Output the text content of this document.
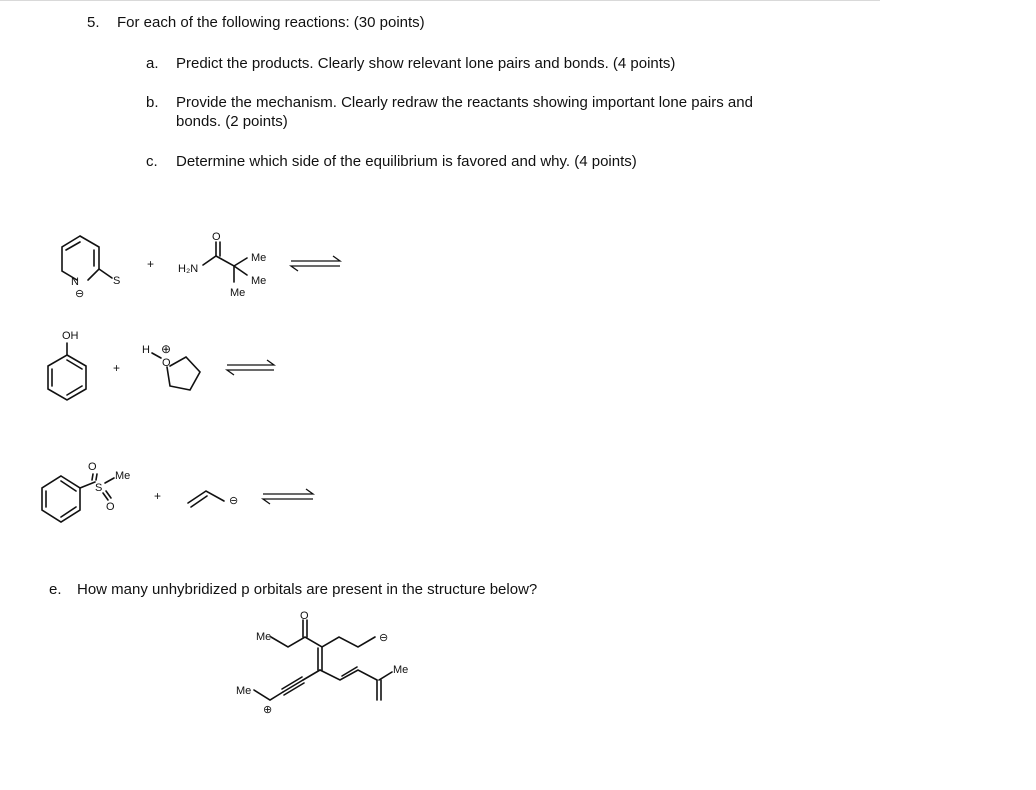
5. For each of the following reactions: (30 points)
a. Predict the products. Clearly show relevant lone pairs and bonds. (4 points)
b. Provide the mechanism. Clearly redraw the reactants showing important lone pairs and
bonds. (2 points)
c. Determine which side of the equilibrium is favored and why. (4 points)
N	S
⊖
+
O
H₂N
Me
Me
Me
OH
+
H
O
⊕
O
S
O
Me
+	⊖
Me
O
⊖
Me
Me
⊕
e. How many unhybridized p orbitals are present in the structure below?
